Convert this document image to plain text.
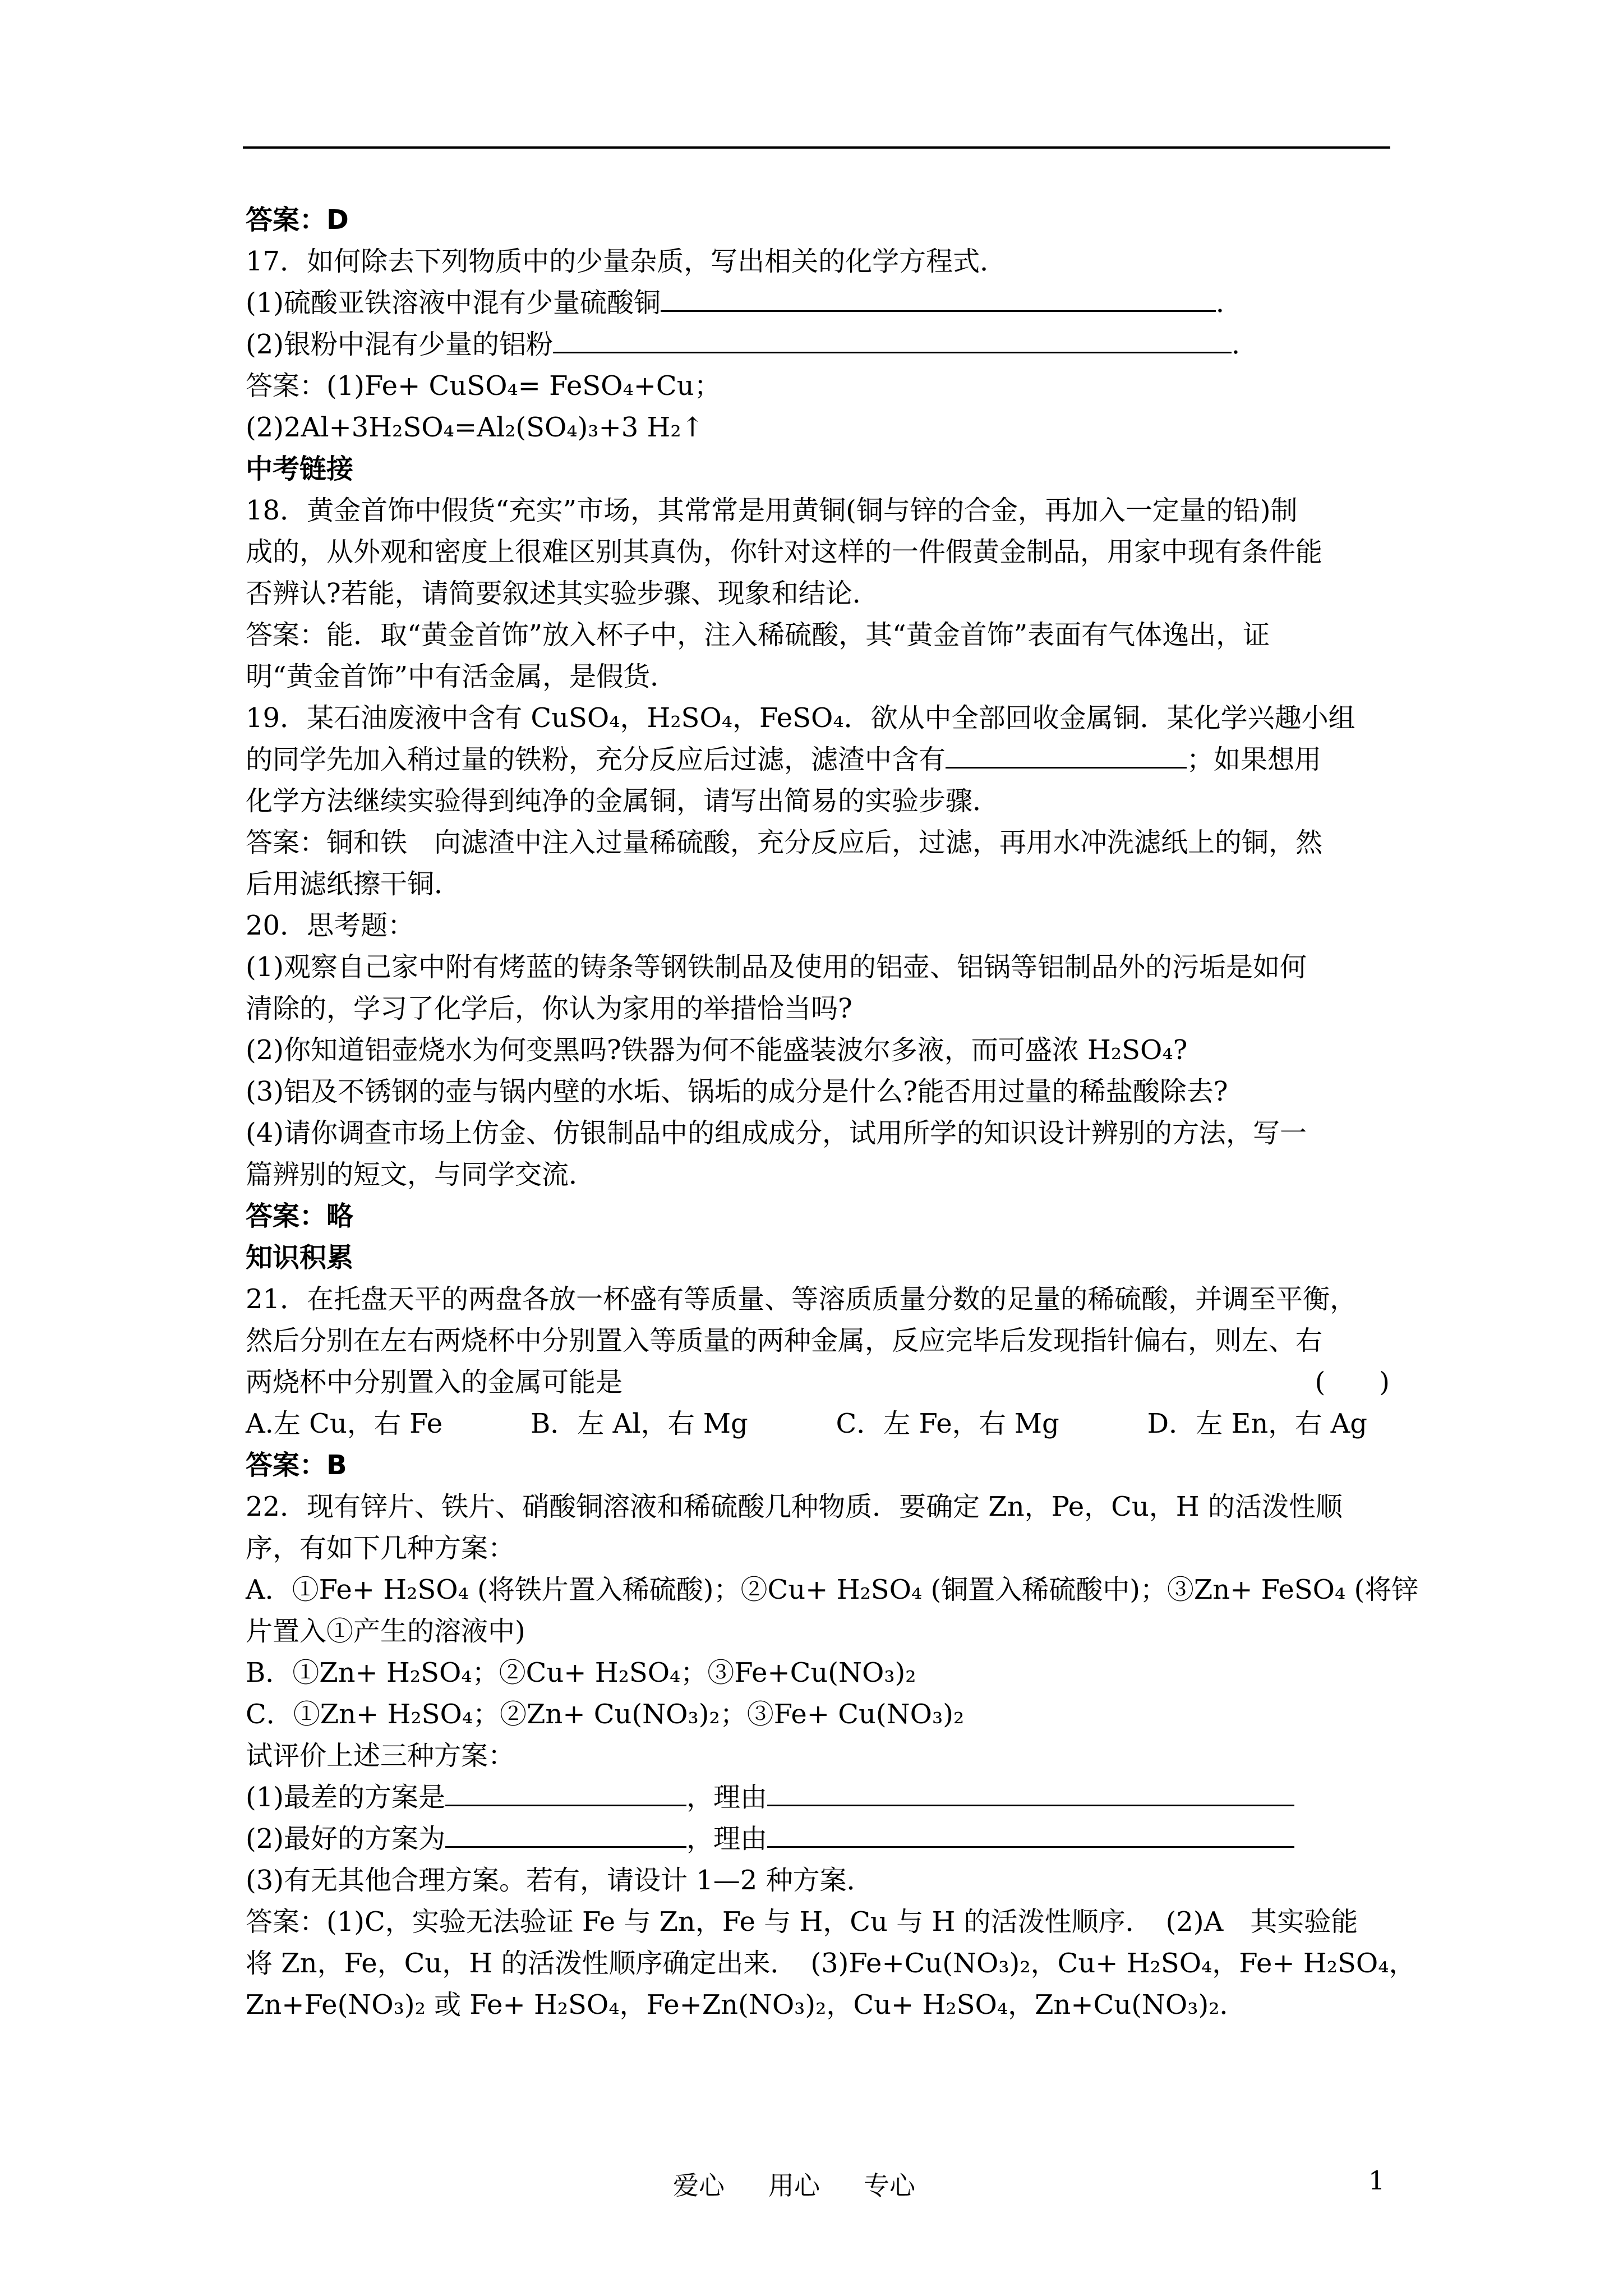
答案：D
17．如何除去下列物质中的少量杂质，写出相关的化学方程式．
(1)硫酸亚铁溶液中混有少量硫酸铜	．
(2)银粉中混有少量的铝粉	．
答案：(1)Fe+ CuSO₄= FeSO₄+Cu；
(2)2Al+3H₂SO₄=Al₂(SO₄)₃+3 H₂↑
中考链接
18．黄金首饰中假货“充实”市场，其常常是用黄铜(铜与锌的合金，再加入一定量的铅)制
成的，从外观和密度上很难区别其真伪，你针对这样的一件假黄金制品，用家中现有条件能
否辨认?若能，请简要叙述其实验步骤、现象和结论．
答案：能．取“黄金首饰”放入杯子中，注入稀硫酸，其“黄金首饰”表面有气体逸出，证
明“黄金首饰”中有活金属，是假货．
19．某石油废液中含有 CuSO₄，H₂SO₄，FeSO₄．欲从中全部回收金属铜．某化学兴趣小组
的同学先加入稍过量的铁粉，充分反应后过滤，滤渣中含有	；如果想用
化学方法继续实验得到纯净的金属铜，请写出简易的实验步骤．
答案：铜和铁　向滤渣中注入过量稀硫酸，充分反应后，过滤，再用水冲洗滤纸上的铜，然
后用滤纸擦干铜．
20．思考题：
(1)观察自己家中附有烤蓝的铸条等钢铁制品及使用的铝壶、铝锅等铝制品外的污垢是如何
清除的，学习了化学后，你认为家用的举措恰当吗?
(2)你知道铝壶烧水为何变黑吗?铁器为何不能盛装波尔多液，而可盛浓 H₂SO₄?
(3)铝及不锈钢的壶与锅内壁的水垢、锅垢的成分是什么?能否用过量的稀盐酸除去?
(4)请你调查市场上仿金、仿银制品中的组成成分，试用所学的知识设计辨别的方法，写一
篇辨别的短文，与同学交流．
答案：略
知识积累
21．在托盘天平的两盘各放一杯盛有等质量、等溶质质量分数的足量的稀硫酸，并调至平衡，
然后分别在左右两烧杯中分别置入等质量的两种金属，反应完毕后发现指针偏右，则左、右
两烧杯中分别置入的金属可能是	(　　)
A.左 Cu，右 Fe	B．左 Al，右 Mg	C．左 Fe，右 Mg	D．左 En，右 Ag
答案：B
22．现有锌片、铁片、硝酸铜溶液和稀硫酸几种物质．要确定 Zn，Pe，Cu，H 的活泼性顺
序，有如下几种方案：
A．①Fe+ H₂SO₄ (将铁片置入稀硫酸)；②Cu+ H₂SO₄ (铜置入稀硫酸中)；③Zn+ FeSO₄ (将锌
片置入①产生的溶液中)
B．①Zn+ H₂SO₄；②Cu+ H₂SO₄；③Fe+Cu(NO₃)₂
C．①Zn+ H₂SO₄；②Zn+ Cu(NO₃)₂；③Fe+ Cu(NO₃)₂
试评价上述三种方案：
(1)最差的方案是	，理由
(2)最好的方案为	，理由
(3)有无其他合理方案。若有，请设计 1—2 种方案．
答案：(1)C，实验无法验证 Fe 与 Zn，Fe 与 H，Cu 与 H 的活泼性顺序．　(2)A　其实验能
将 Zn，Fe，Cu，H 的活泼性顺序确定出来．　(3)Fe+Cu(NO₃)₂，Cu+ H₂SO₄，Fe+ H₂SO₄，
Zn+Fe(NO₃)₂ 或 Fe+ H₂SO₄，Fe+Zn(NO₃)₂，Cu+ H₂SO₄，Zn+Cu(NO₃)₂．
爱心 用心 专心	1
